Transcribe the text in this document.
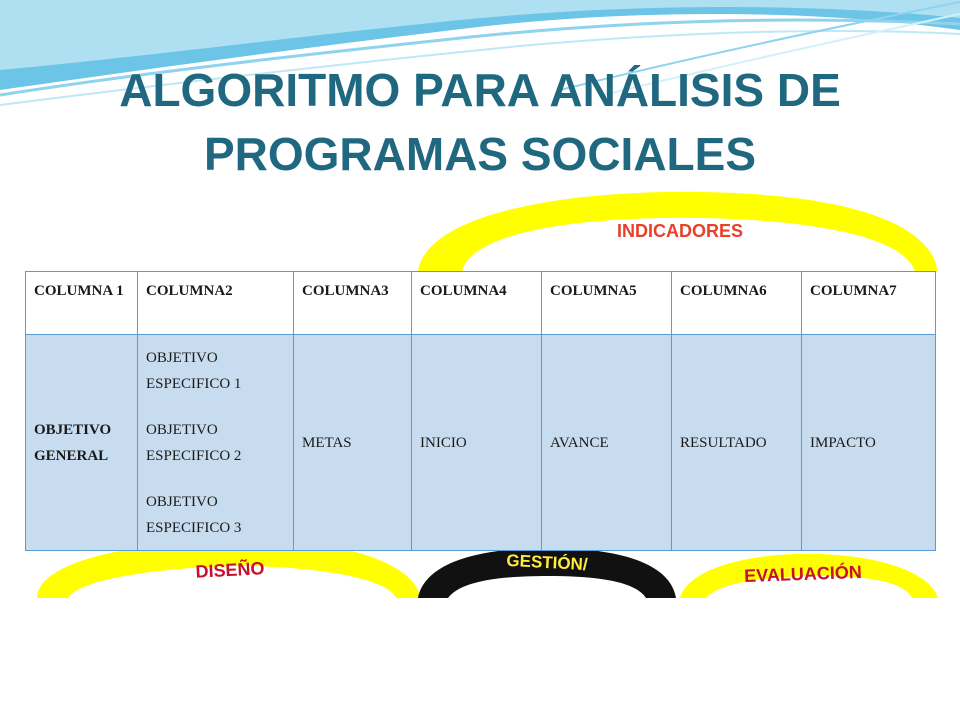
ALGORITMO PARA ANÁLISIS DE
PROGRAMAS SOCIALES
INDICADORES
COLUMNA 1	COLUMNA2	COLUMNA3	COLUMNA4	COLUMNA5	COLUMNA6	COLUMNA7
OBJETIVO GENERAL	OBJETIVO ESPECIFICO 1
OBJETIVO ESPECIFICO 2
OBJETIVO ESPECIFICO 3	METAS	INICIO	AVANCE	RESULTADO	IMPACTO
DISEÑO	GESTIÓN/
MONITOREO
EVALUACIÓN
